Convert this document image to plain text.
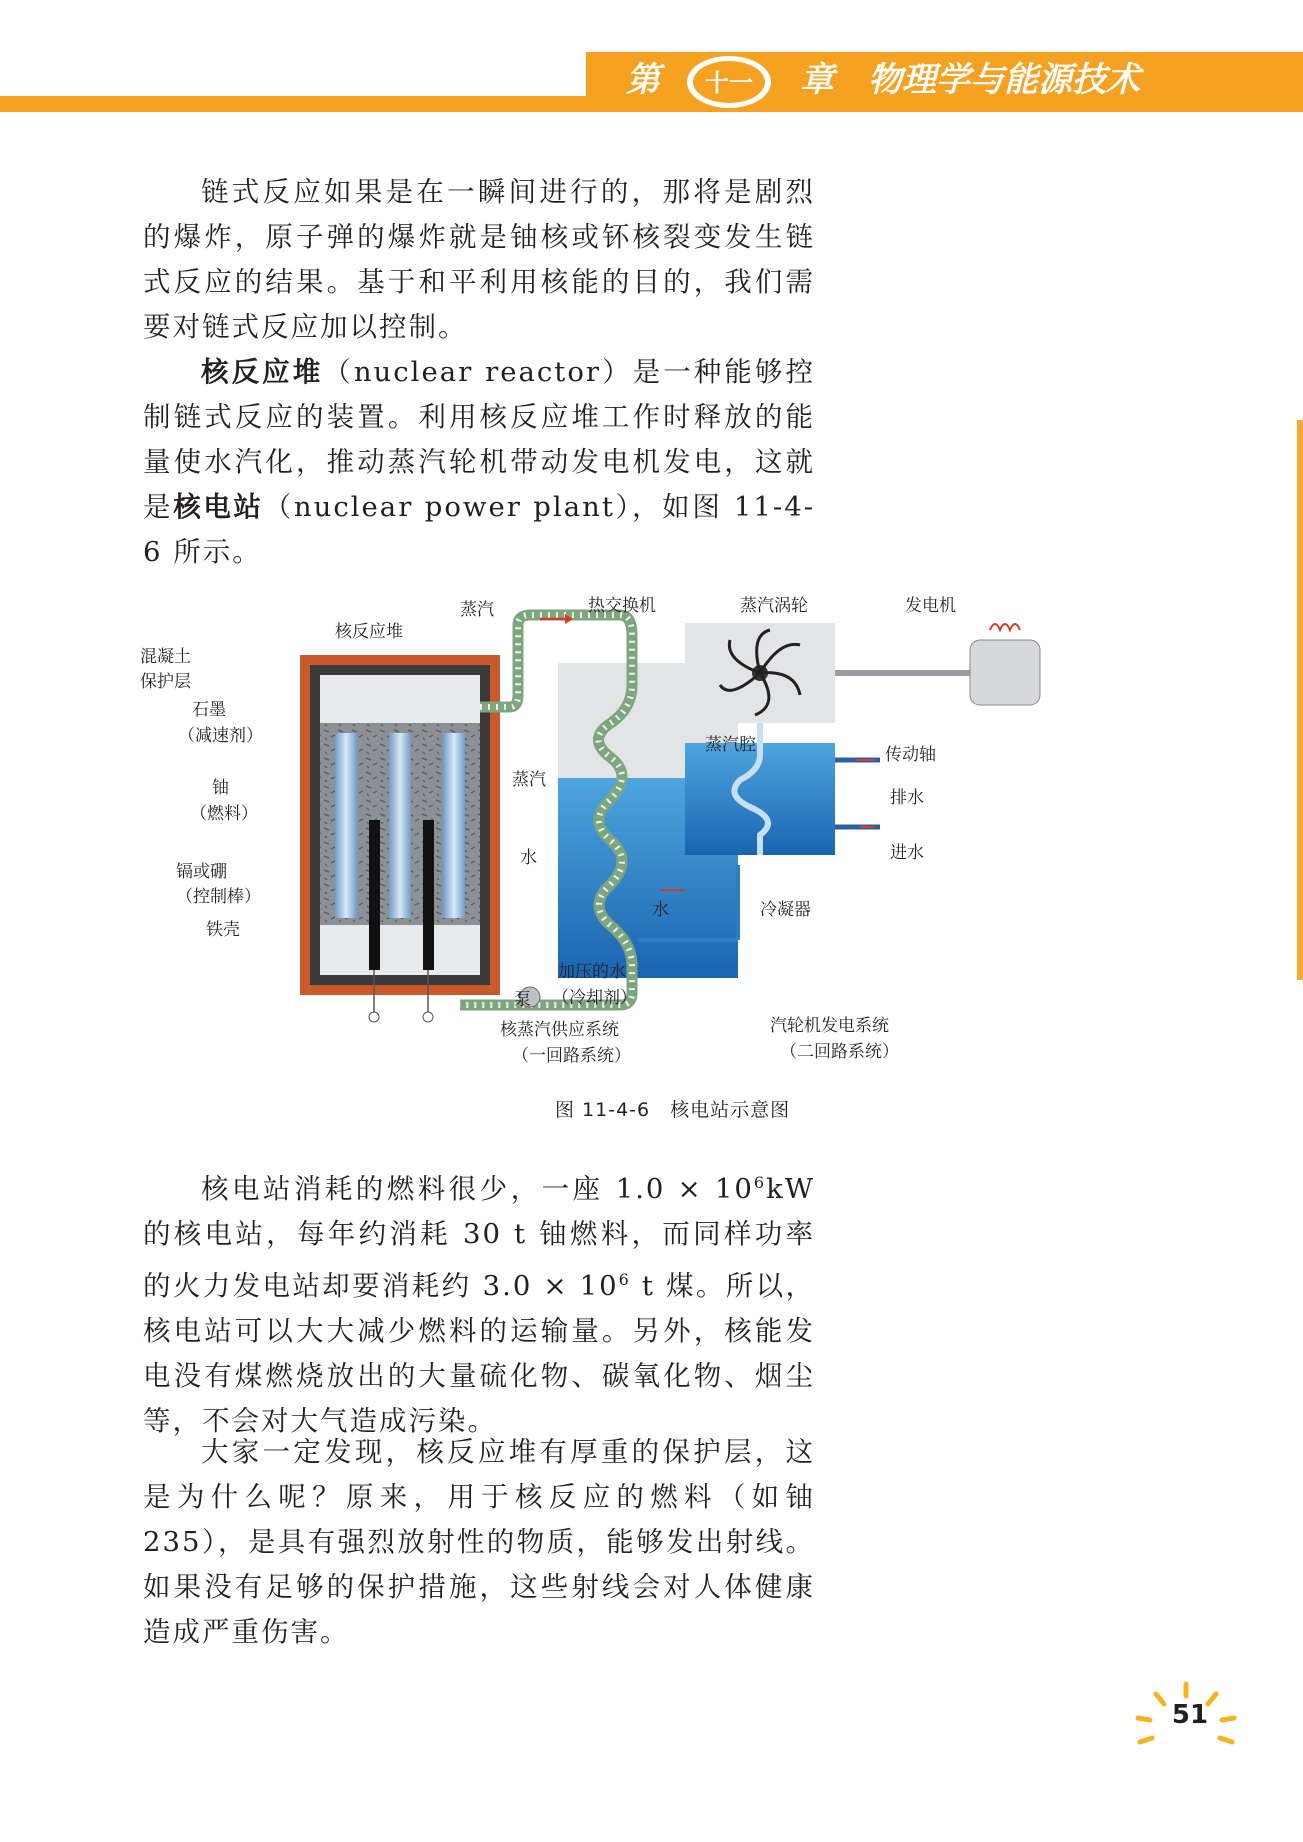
第 十一 章 物理学与能源技术

链式反应如果是在一瞬间进行的，那将是剧烈的爆炸，原子弹的爆炸就是铀核或钚核裂变发生链式反应的结果。基于和平利用核能的目的，我们需要对链式反应加以控制。

核反应堆（nuclear reactor）是一种能够控制链式反应的装置。利用核反应堆工作时释放的能量使水汽化，推动蒸汽轮机带动发电机发电，这就是核电站（nuclear power plant），如图 11-4-6 所示。

核反应堆
蒸汽	热交换机	蒸汽涡轮	发电机
混凝土
保护层
石墨
（减速剂）
铀
（燃料）
镉或硼
（控制棒）
铁壳
蒸汽
水
蒸汽腔	传动轴
排水
进水
水	冷凝器
加压的水
（冷却剂）
泵
核蒸汽供应系统
（一回路系统）
汽轮机发电系统
（二回路系统）
图 11-4-6　核电站示意图

核电站消耗的燃料很少，一座 $1.0 \times 10^6kW$ 的核电站，每年约消耗 30 t 铀燃料，而同样功率的火力发电站却要消耗约 $3.0 \times 10^6$ t 煤。所以，核电站可以大大减少燃料的运输量。另外，核能发电没有煤燃烧放出的大量硫化物、碳氧化物、烟尘等，不会对大气造成污染。

大家一定发现，核反应堆有厚重的保护层，这是为什么呢？原来，用于核反应的燃料（如铀 235），是具有强烈放射性的物质，能够发出射线。如果没有足够的保护措施，这些射线会对人体健康造成严重伤害。

51
